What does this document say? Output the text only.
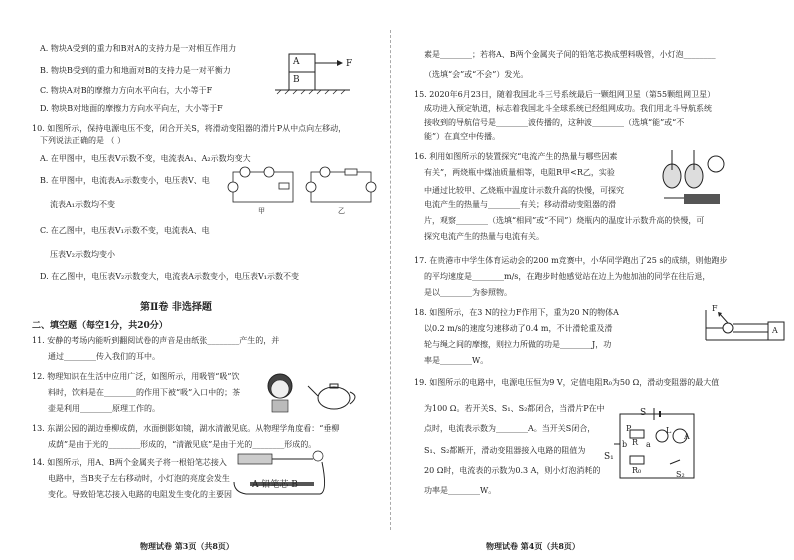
A. 物块A受到的重力和B对A的支持力是一对相互作用力
B. 物块B受到的重力和地面对B的支持力是一对平衡力
C. 物块A对B的摩擦力方向水平向右，大小等于F
D. 物块B对地面的摩擦力方向水平向左，大小等于F
A
B
F
10. 如图所示，保持电源电压不变，闭合开关S，将滑动变阻器的滑片P从中点向左移动，
下列说法正确的是 （ ）
A. 在甲图中，电压表V示数不变，电流表A₁、A₂示数均变大
B. 在甲图中，电流表A₂示数变小，电压表V、电
流表A₁示数均不变
C. 在乙图中，电压表V₁示数不变，电流表A、电
压表V₂示数均变小
D. 在乙图中，电压表V₂示数变大，电流表A示数变小，电压表V₁示数不变
甲	乙
第Ⅱ卷 非选择题
二、填空题（每空1分，共20分）
11. 安静的考场内能听到翻阅试卷的声音是由纸张________产生的，并
通过________传入我们的耳中。
12. 物理知识在生活中应用广泛，如图所示，用吸管“吸”饮
料时，饮料是在________的作用下被“吸”入口中的；茶
壶是利用________原理工作的。
13. 东湖公园的湖边垂柳成荫，水面倒影如镜，湖水清澈见底。从物理学角度看：“垂柳
成荫”是由于光的________形成的，“清澈见底”是由于光的________形成的。
14. 如图所示，用A、B两个金属夹子将一根铅笔芯接入
电路中，当B夹子左右移动时，小灯泡的亮度会发生
变化。导致铅笔芯接入电路的电阻发生变化的主要因
A 铅笔芯 B
物理试卷 第3页（共8页）
素是________；若将A、B两个金属夹子间的铅笔芯换成塑料吸管，小灯泡________
（选填“会”或“不会”）发光。
15. 2020年6月23日，随着我国北斗三号系统最后一颗组网卫星（第55颗组网卫星）
成功进入预定轨道，标志着我国北斗全球系统已经组网成功。我们用北斗导航系统
接收到的导航信号是________波传播的，这种波________（选填“能”或“不
能”）在真空中传播。
16. 利用如图所示的装置探究“电流产生的热量与哪些因素
有关”，两烧瓶中煤油质量相等，电阻R甲<R乙，实验
中通过比较甲、乙烧瓶中温度计示数升高的快慢，可探究
电流产生的热量与________有关；移动滑动变阻器的滑
片，观察________（选填“相同”或“不同”）烧瓶内的温度计示数升高的快慢，可
探究电流产生的热量与电流有关。
17. 在贵港市中学生体育运动会的200 m竞赛中，小华同学跑出了25 s的成绩，则他跑步
的平均速度是________m/s，在跑步时他感觉站在边上为他加油的同学在往后退，
是以________为参照物。
18. 如图所示，在3 N的拉力F作用下，重为20 N的物体A
以0.2 m/s的速度匀速移动了0.4 m，不计滑轮重及滑
轮与绳之间的摩擦，则拉力所做的功是________J，功
率是________W。
19. 如图所示的电路中，电源电压恒为9 V，定值电阻R₀为50 Ω，滑动变阻器的最大值
为100 Ω。若开关S、S₁、S₂都闭合，当滑片P在中
点时，电流表示数为________A。当开关S闭合，
S₁、S₂都断开，滑动变阻器接入电路的阻值为
20 Ω时，电流表的示数为0.3 A，则小灯泡消耗的
功率是________W。
F
A
S
P	L
A
b R a
S₁
R₀	S₂
物理试卷 第4页（共8页）
